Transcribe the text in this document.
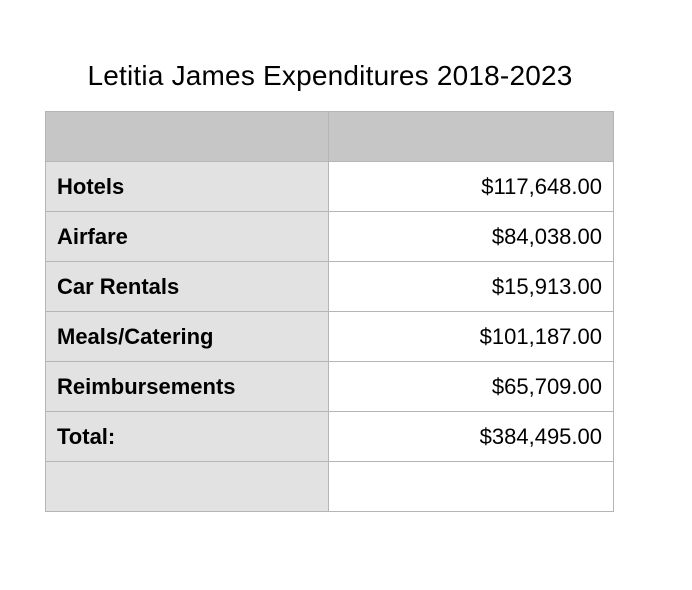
Letitia James Expenditures 2018-2023

Hotels	$117,648.00
Airfare	$84,038.00
Car Rentals	$15,913.00
Meals/Catering	$101,187.00
Reimbursements	$65,709.00
Total:	$384,495.00
